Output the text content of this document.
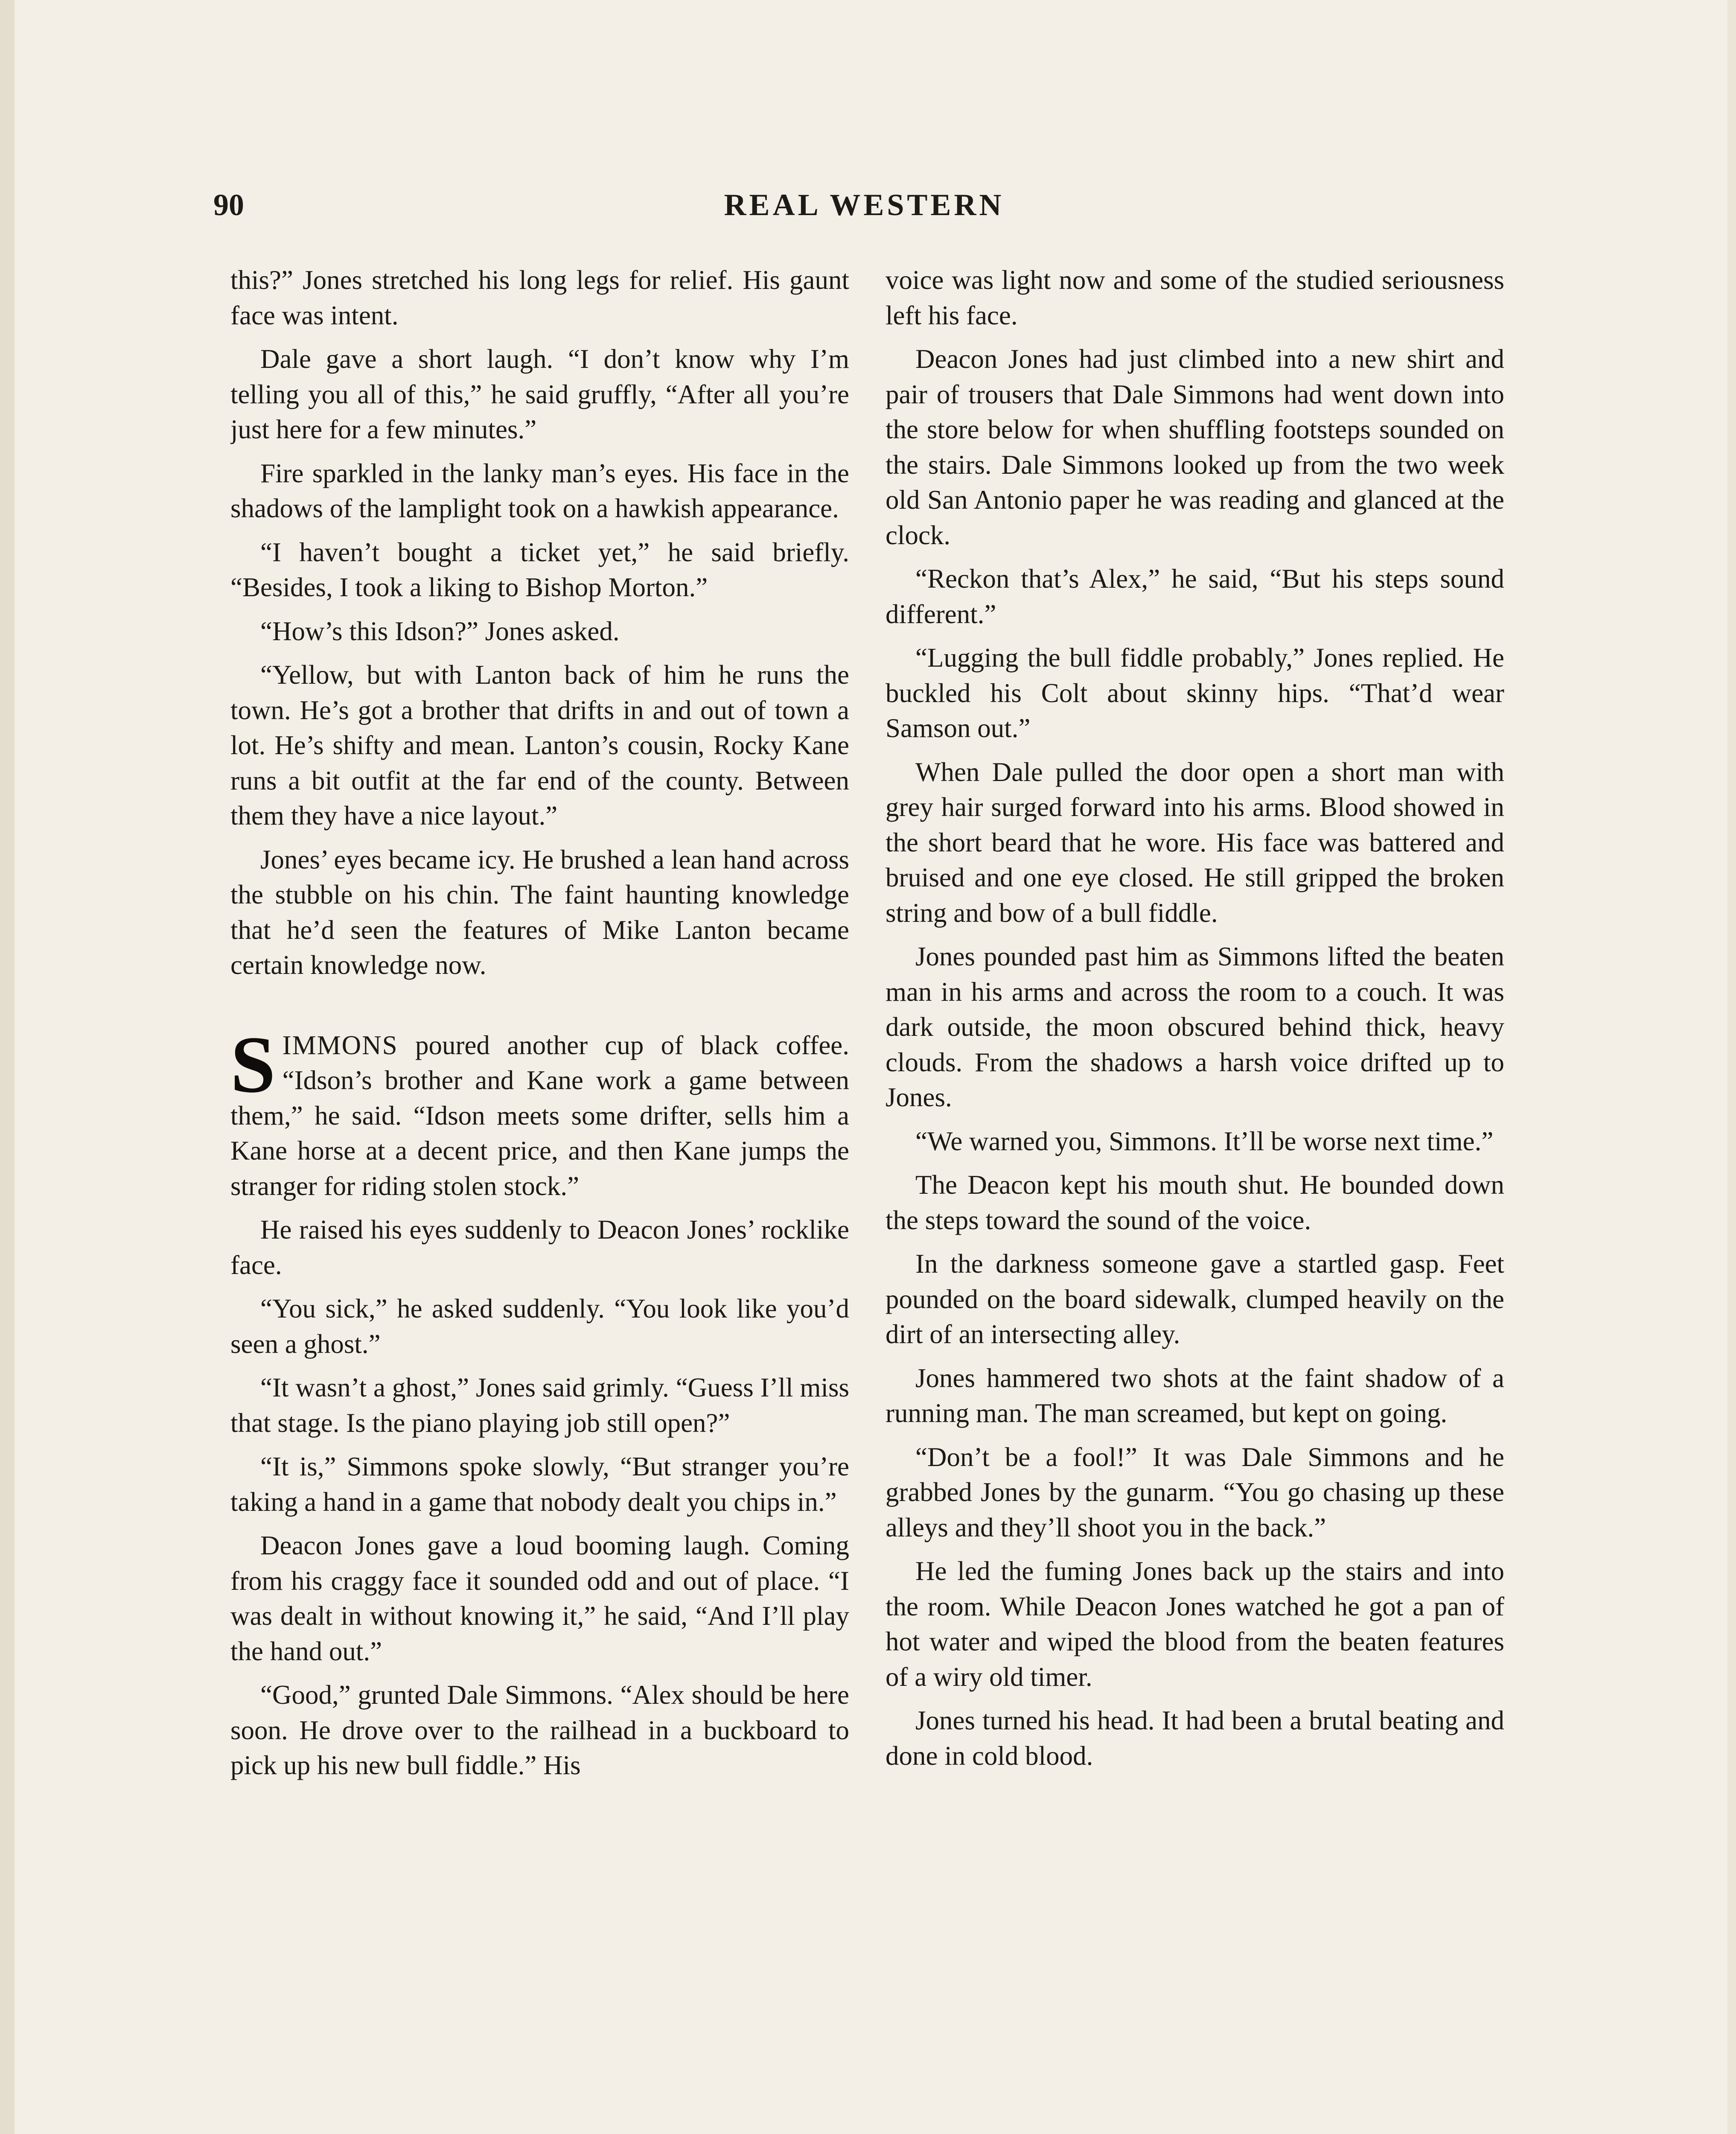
90	REAL WESTERN

this?” Jones stretched his long legs for relief. His gaunt face was intent.

Dale gave a short laugh. “I don’t know why I’m telling you all of this,” he said gruffly, “After all you’re just here for a few minutes.”

Fire sparkled in the lanky man’s eyes. His face in the shadows of the lamplight took on a hawkish appearance.

“I haven’t bought a ticket yet,” he said briefly. “Besides, I took a liking to Bishop Morton.”

“How’s this Idson?” Jones asked.

“Yellow, but with Lanton back of him he runs the town. He’s got a brother that drifts in and out of town a lot. He’s shifty and mean. Lanton’s cousin, Rocky Kane runs a bit outfit at the far end of the county. Between them they have a nice layout.”

Jones’ eyes became icy. He brushed a lean hand across the stubble on his chin. The faint haunting knowledge that he’d seen the features of Mike Lanton became certain knowledge now.

SIMMONS poured another cup of black coffee. “Idson’s brother and Kane work a game between them,” he said. “Idson meets some drifter, sells him a Kane horse at a decent price, and then Kane jumps the stranger for riding stolen stock.”

He raised his eyes suddenly to Deacon Jones’ rocklike face.

“You sick,” he asked suddenly. “You look like you’d seen a ghost.”

“It wasn’t a ghost,” Jones said grimly. “Guess I’ll miss that stage. Is the piano playing job still open?”

“It is,” Simmons spoke slowly, “But stranger you’re taking a hand in a game that nobody dealt you chips in.”

Deacon Jones gave a loud booming laugh. Coming from his craggy face it sounded odd and out of place. “I was dealt in without knowing it,” he said, “And I’ll play the hand out.”

“Good,” grunted Dale Simmons. “Alex should be here soon. He drove over to the railhead in a buckboard to pick up his new bull fiddle.” His

voice was light now and some of the studied seriousness left his face.

Deacon Jones had just climbed into a new shirt and pair of trousers that Dale Simmons had went down into the store below for when shuffling footsteps sounded on the stairs. Dale Simmons looked up from the two week old San Antonio paper he was reading and glanced at the clock.

“Reckon that’s Alex,” he said, “But his steps sound different.”

“Lugging the bull fiddle probably,” Jones replied. He buckled his Colt about skinny hips. “That’d wear Samson out.”

When Dale pulled the door open a short man with grey hair surged forward into his arms. Blood showed in the short beard that he wore. His face was battered and bruised and one eye closed. He still gripped the broken string and bow of a bull fiddle.

Jones pounded past him as Simmons lifted the beaten man in his arms and across the room to a couch. It was dark outside, the moon obscured behind thick, heavy clouds. From the shadows a harsh voice drifted up to Jones.

“We warned you, Simmons. It’ll be worse next time.”

The Deacon kept his mouth shut. He bounded down the steps toward the sound of the voice.

In the darkness someone gave a startled gasp. Feet pounded on the board sidewalk, clumped heavily on the dirt of an intersecting alley.

Jones hammered two shots at the faint shadow of a running man. The man screamed, but kept on going.

“Don’t be a fool!” It was Dale Simmons and he grabbed Jones by the gunarm. “You go chasing up these alleys and they’ll shoot you in the back.”

He led the fuming Jones back up the stairs and into the room. While Deacon Jones watched he got a pan of hot water and wiped the blood from the beaten features of a wiry old timer.

Jones turned his head. It had been a brutal beating and done in cold blood.
